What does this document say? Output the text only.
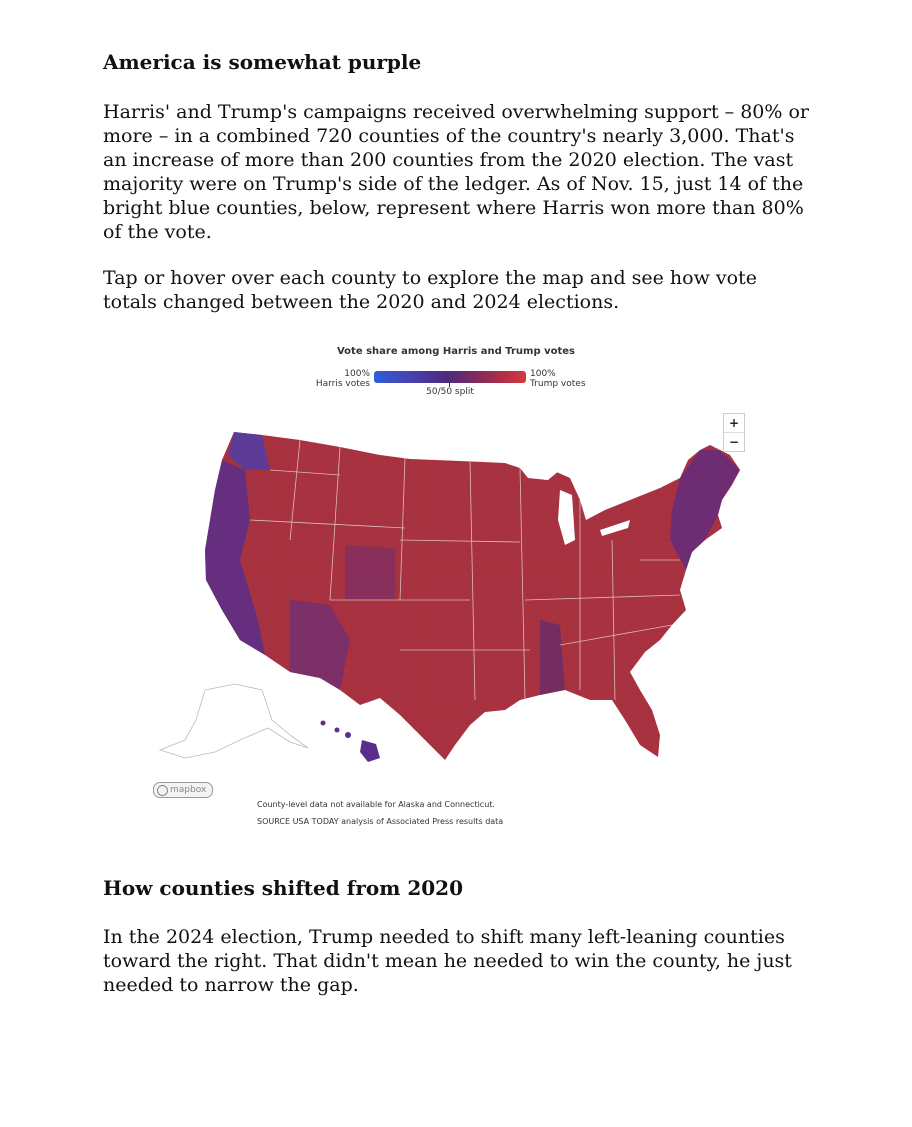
America is somewhat purple

Harris' and Trump's campaigns received overwhelming support – 80% or more – in a combined 720 counties of the country's nearly 3,000. That's an increase of more than 200 counties from the 2020 election. The vast majority were on Trump's side of the ledger. As of Nov. 15, just 14 of the bright blue counties, below, represent where Harris won more than 80% of the vote.

Tap or hover over each county to explore the map and see how vote totals changed between the 2020 and 2024 elections.

Vote share among Harris and Trump votes
100%
Harris votes
100%
Trump votes
50/50 split
+
−
mapbox
County-level data not available for Alaska and Connecticut.
SOURCE USA TODAY analysis of Associated Press results data
How counties shifted from 2020

In the 2024 election, Trump needed to shift many left-leaning counties toward the right. That didn't mean he needed to win the county, he just needed to narrow the gap.
